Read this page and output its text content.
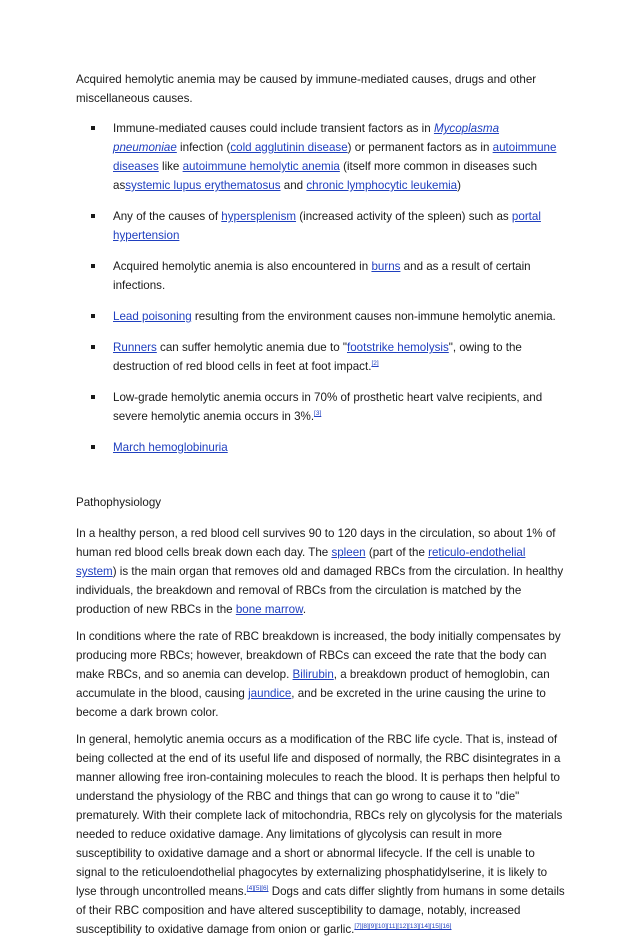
Acquired hemolytic anemia may be caused by immune-mediated causes, drugs and other miscellaneous causes.

Immune-mediated causes could include transient factors as in Mycoplasma pneumoniae infection (cold agglutinin disease) or permanent factors as in autoimmune diseases like autoimmune hemolytic anemia (itself more common in diseases such assystemic lupus erythematosus and chronic lymphocytic leukemia)
Any of the causes of hypersplenism (increased activity of the spleen) such as portal hypertension
Acquired hemolytic anemia is also encountered in burns and as a result of certain infections.
Lead poisoning resulting from the environment causes non-immune hemolytic anemia.
Runners can suffer hemolytic anemia due to "footstrike hemolysis", owing to the destruction of red blood cells in feet at foot impact.[2]
Low-grade hemolytic anemia occurs in 70% of prosthetic heart valve recipients, and severe hemolytic anemia occurs in 3%.[3]
March hemoglobinuria

Pathophysiology

In a healthy person, a red blood cell survives 90 to 120 days in the circulation, so about 1% of human red blood cells break down each day. The spleen (part of the reticulo-endothelial system) is the main organ that removes old and damaged RBCs from the circulation. In healthy individuals, the breakdown and removal of RBCs from the circulation is matched by the production of new RBCs in the bone marrow.

In conditions where the rate of RBC breakdown is increased, the body initially compensates by producing more RBCs; however, breakdown of RBCs can exceed the rate that the body can make RBCs, and so anemia can develop. Bilirubin, a breakdown product of hemoglobin, can accumulate in the blood, causing jaundice, and be excreted in the urine causing the urine to become a dark brown color.

In general, hemolytic anemia occurs as a modification of the RBC life cycle. That is, instead of being collected at the end of its useful life and disposed of normally, the RBC disintegrates in a manner allowing free iron-containing molecules to reach the blood. It is perhaps then helpful to understand the physiology of the RBC and things that can go wrong to cause it to "die" prematurely. With their complete lack of mitochondria, RBCs rely on glycolysis for the materials needed to reduce oxidative damage. Any limitations of glycolysis can result in more susceptibility to oxidative damage and a short or abnormal lifecycle. If the cell is unable to signal to the reticuloendothelial phagocytes by externalizing phosphatidylserine, it is likely to lyse through uncontrolled means.[4][5][6] Dogs and cats differ slightly from humans in some details of their RBC composition and have altered susceptibility to damage, notably, increased susceptibility to oxidative damage from onion or garlic.[7][8][9][10][11][12][13][14][15][16]
